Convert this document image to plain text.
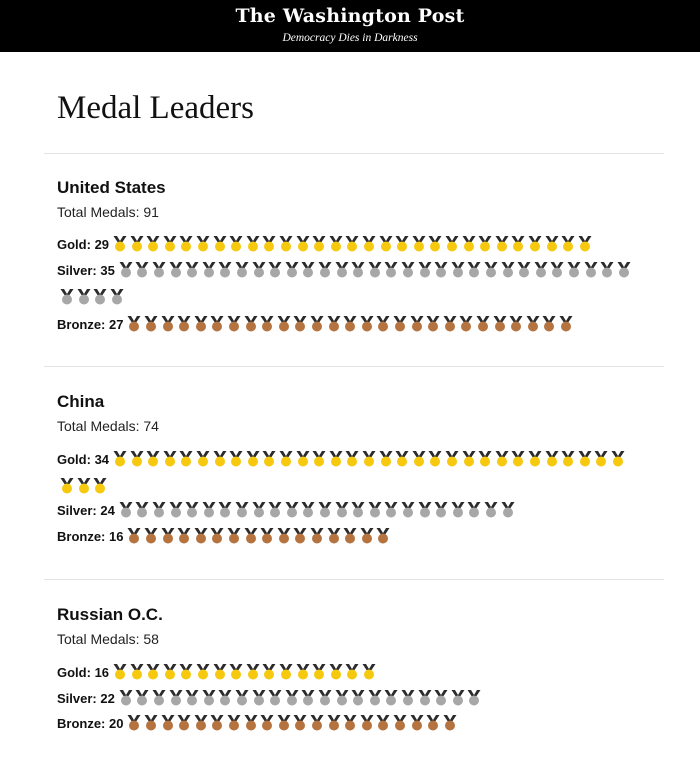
The Washington Post
Democracy Dies in Darkness
Medal Leaders
United States
Total Medals: 91
Gold: 29
Silver: 35
Bronze: 27
China
Total Medals: 74
Gold: 34
Silver: 24
Bronze: 16
Russian O.C.
Total Medals: 58
Gold: 16
Silver: 22
Bronze: 20
